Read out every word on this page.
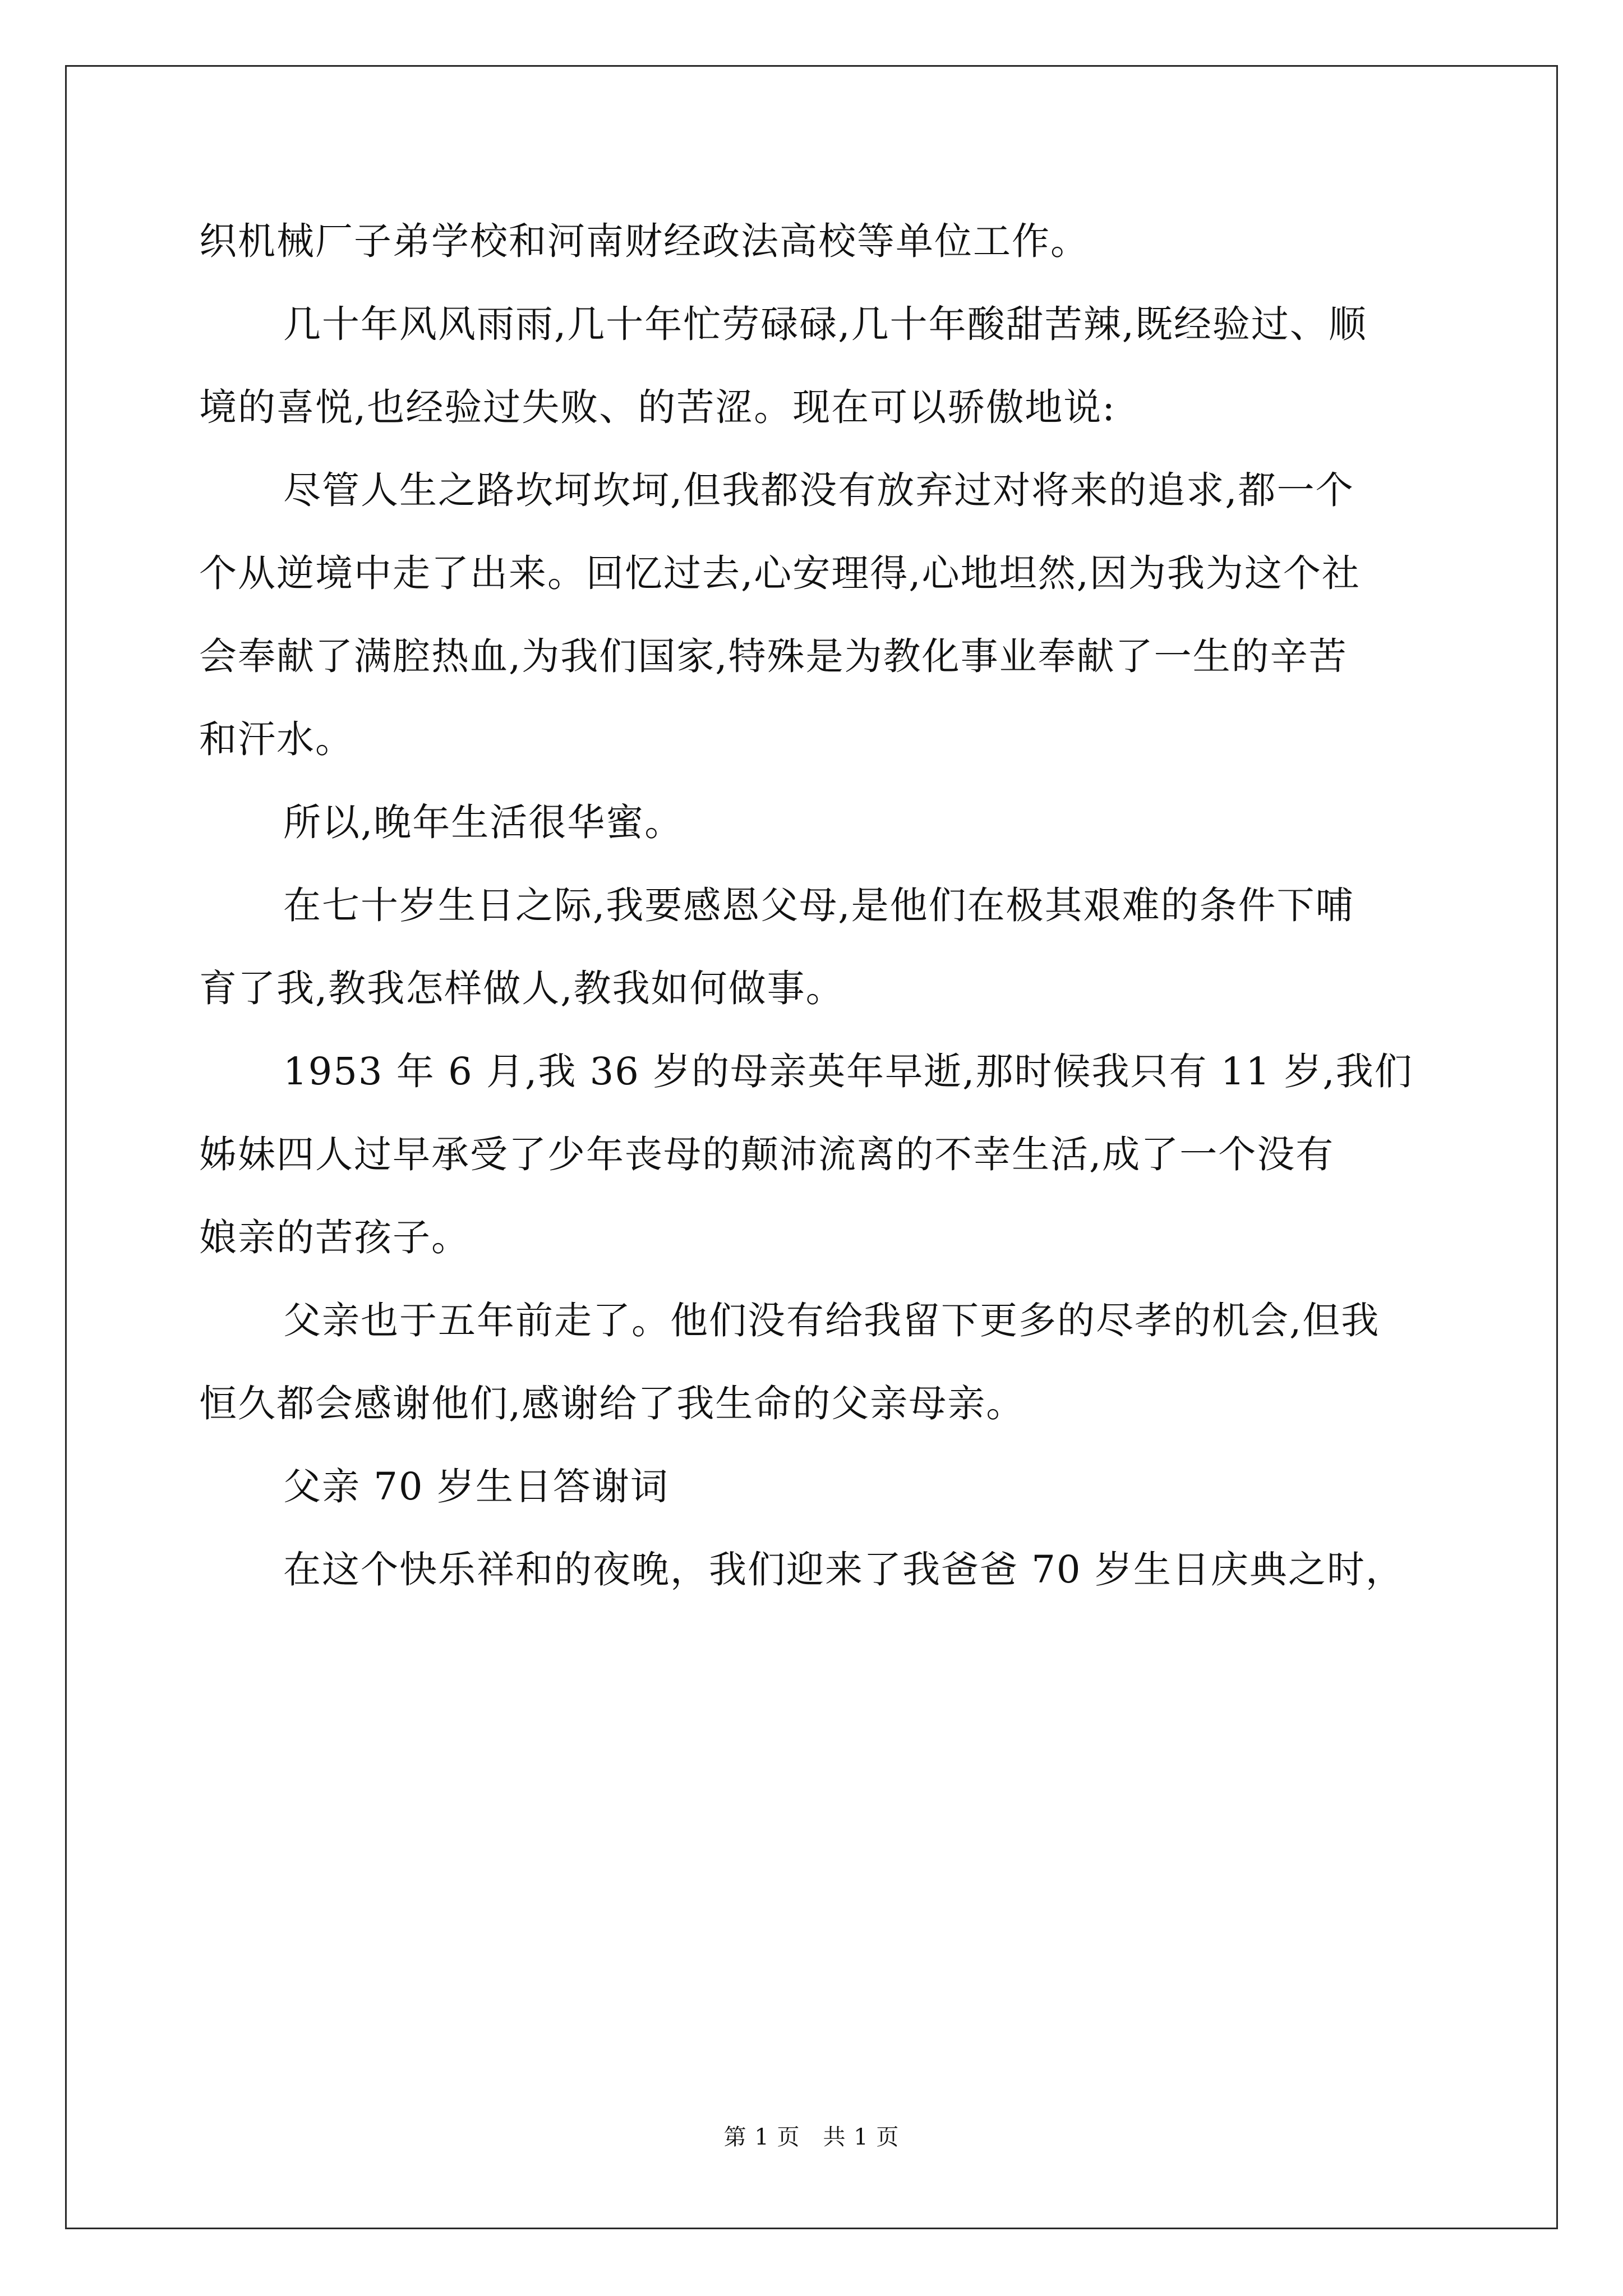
织机械厂子弟学校和河南财经政法高校等单位工作。
几十年风风雨雨,几十年忙劳碌碌,几十年酸甜苦辣,既经验过、顺
境的喜悦,也经验过失败、的苦涩。现在可以骄傲地说:
尽管人生之路坎坷坎坷,但我都没有放弃过对将来的追求,都一个
个从逆境中走了出来。回忆过去,心安理得,心地坦然,因为我为这个社
会奉献了满腔热血,为我们国家,特殊是为教化事业奉献了一生的辛苦
和汗水。
所以,晚年生活很华蜜。
在七十岁生日之际,我要感恩父母,是他们在极其艰难的条件下哺
育了我,教我怎样做人,教我如何做事。
1953 年 6 月,我 36 岁的母亲英年早逝,那时候我只有 11 岁,我们
姊妹四人过早承受了少年丧母的颠沛流离的不幸生活,成了一个没有
娘亲的苦孩子。
父亲也于五年前走了。他们没有给我留下更多的尽孝的机会,但我
恒久都会感谢他们,感谢给了我生命的父亲母亲。
父亲 70 岁生日答谢词
在这个快乐祥和的夜晚，我们迎来了我爸爸 70 岁生日庆典之时，
第 1 页　共 1 页
